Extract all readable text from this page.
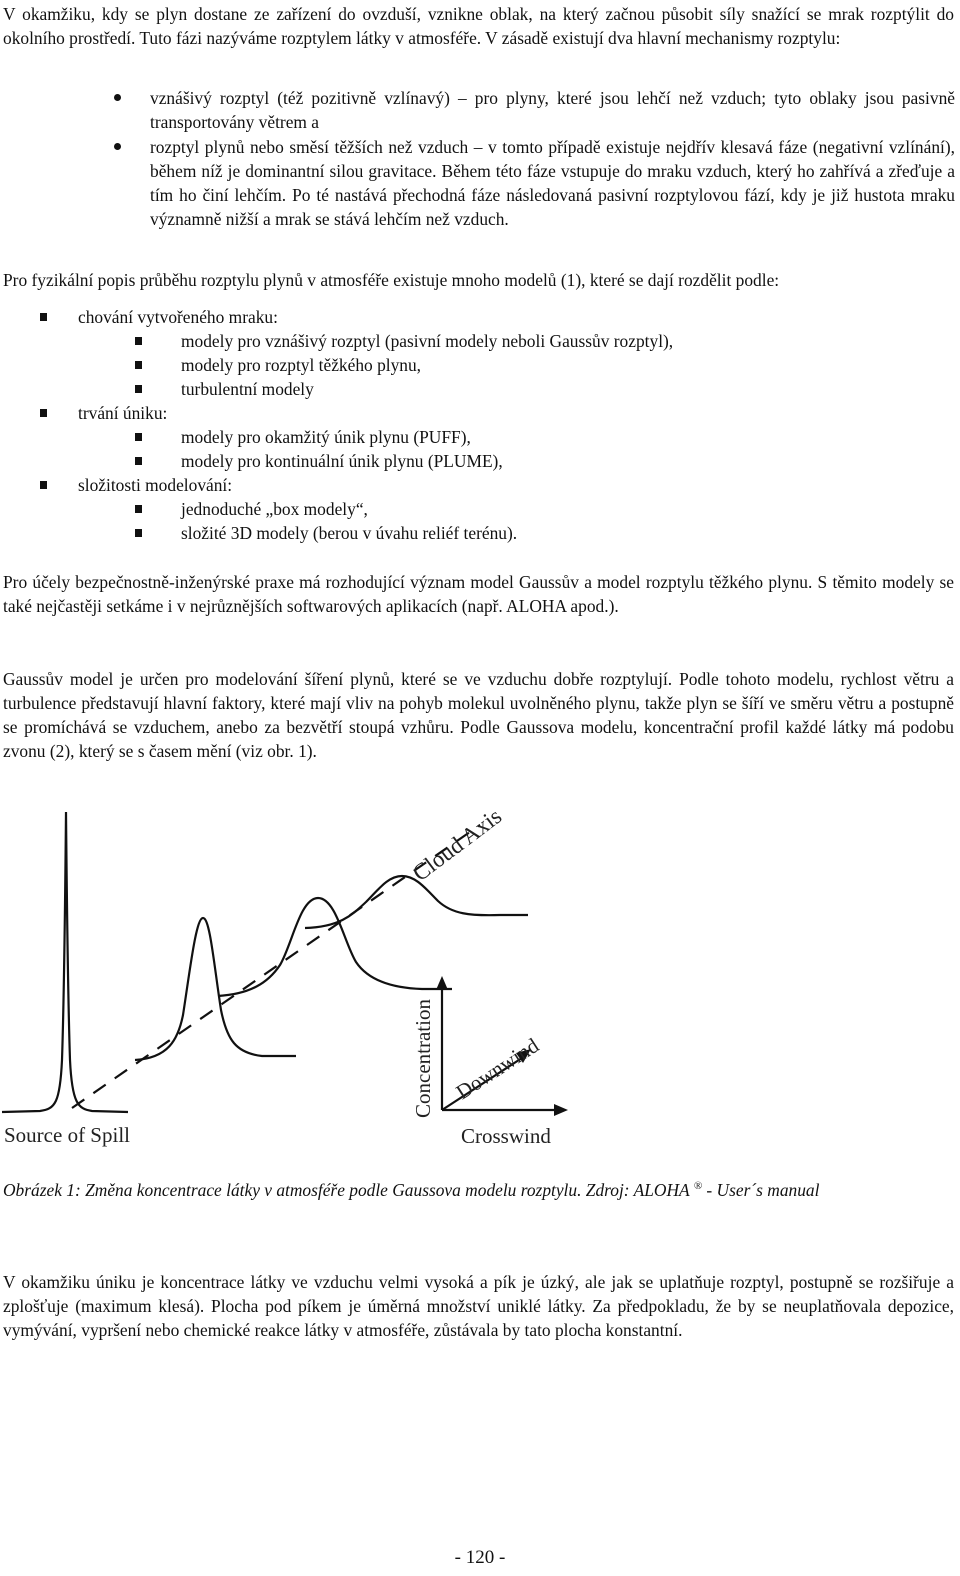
V okamžiku, kdy se plyn dostane ze zařízení do ovzduší, vznikne oblak, na který začnou působit síly snažící se mrak rozptýlit do okolního prostředí. Tuto fázi nazýváme rozptylem látky v atmosféře. V zásadě existují dva hlavní mechanismy rozptylu:

vznášivý rozptyl (též pozitivně vzlínavý) – pro plyny, které jsou lehčí než vzduch; tyto oblaky jsou pasivně transportovány větrem a

rozptyl plynů nebo směsí těžších než vzduch – v tomto případě existuje nejdřív klesavá fáze (negativní vzlínání), během níž je dominantní silou gravitace. Během této fáze vstupuje do mraku vzduch, který ho zahřívá a zřeďuje a tím ho činí lehčím. Po té nastává přechodná fáze následovaná pasivní rozptylovou fází, kdy je již hustota mraku významně nižší a mrak se stává lehčím než vzduch.

Pro fyzikální popis průběhu rozptylu plynů v atmosféře existuje mnoho modelů (1), které se dají rozdělit podle:

chování vytvořeného mraku:

modely pro vznášivý rozptyl (pasivní modely neboli Gaussův rozptyl),

modely pro rozptyl těžkého plynu,

turbulentní modely

trvání úniku:

modely pro okamžitý únik plynu (PUFF),

modely pro kontinuální únik plynu (PLUME),

složitosti modelování:

jednoduché „box modely“,

složité 3D modely (berou v úvahu reliéf terénu).

Pro účely bezpečnostně-inženýrské praxe má rozhodující význam model Gaussův a model rozptylu těžkého plynu. S těmito modely se také nejčastěji setkáme i v nejrůznějších softwarových aplikacích (např. ALOHA apod.).

Gaussův model je určen pro modelování šíření plynů, které se ve vzduchu dobře rozptylují. Podle tohoto modelu, rychlost větru a turbulence představují hlavní faktory, které mají vliv na pohyb molekul uvolněného plynu, takže plyn se šíří ve směru větru a postupně se promíchává se vzduchem, anebo za bezvětří stoupá vzhůru. Podle Gaussova modelu, koncentrační profil každé látky má podobu zvonu (2), který se s časem mění (viz obr. 1).

Cloud Axis
Concentration Downwind
Crosswind
Source of Spill

Obrázek 1: Změna koncentrace látky v atmosféře podle Gaussova modelu rozptylu. Zdroj: ALOHA ® - User´s manual

V okamžiku úniku je koncentrace látky ve vzduchu velmi vysoká a pík je úzký, ale jak se uplatňuje rozptyl, postupně se rozšiřuje a zplošťuje (maximum klesá). Plocha pod píkem je úměrná množství uniklé látky. Za předpokladu, že by se neuplatňovala depozice, vymývání, vypršení nebo chemické reakce látky v atmosféře, zůstávala by tato plocha konstantní.

- 120 -
